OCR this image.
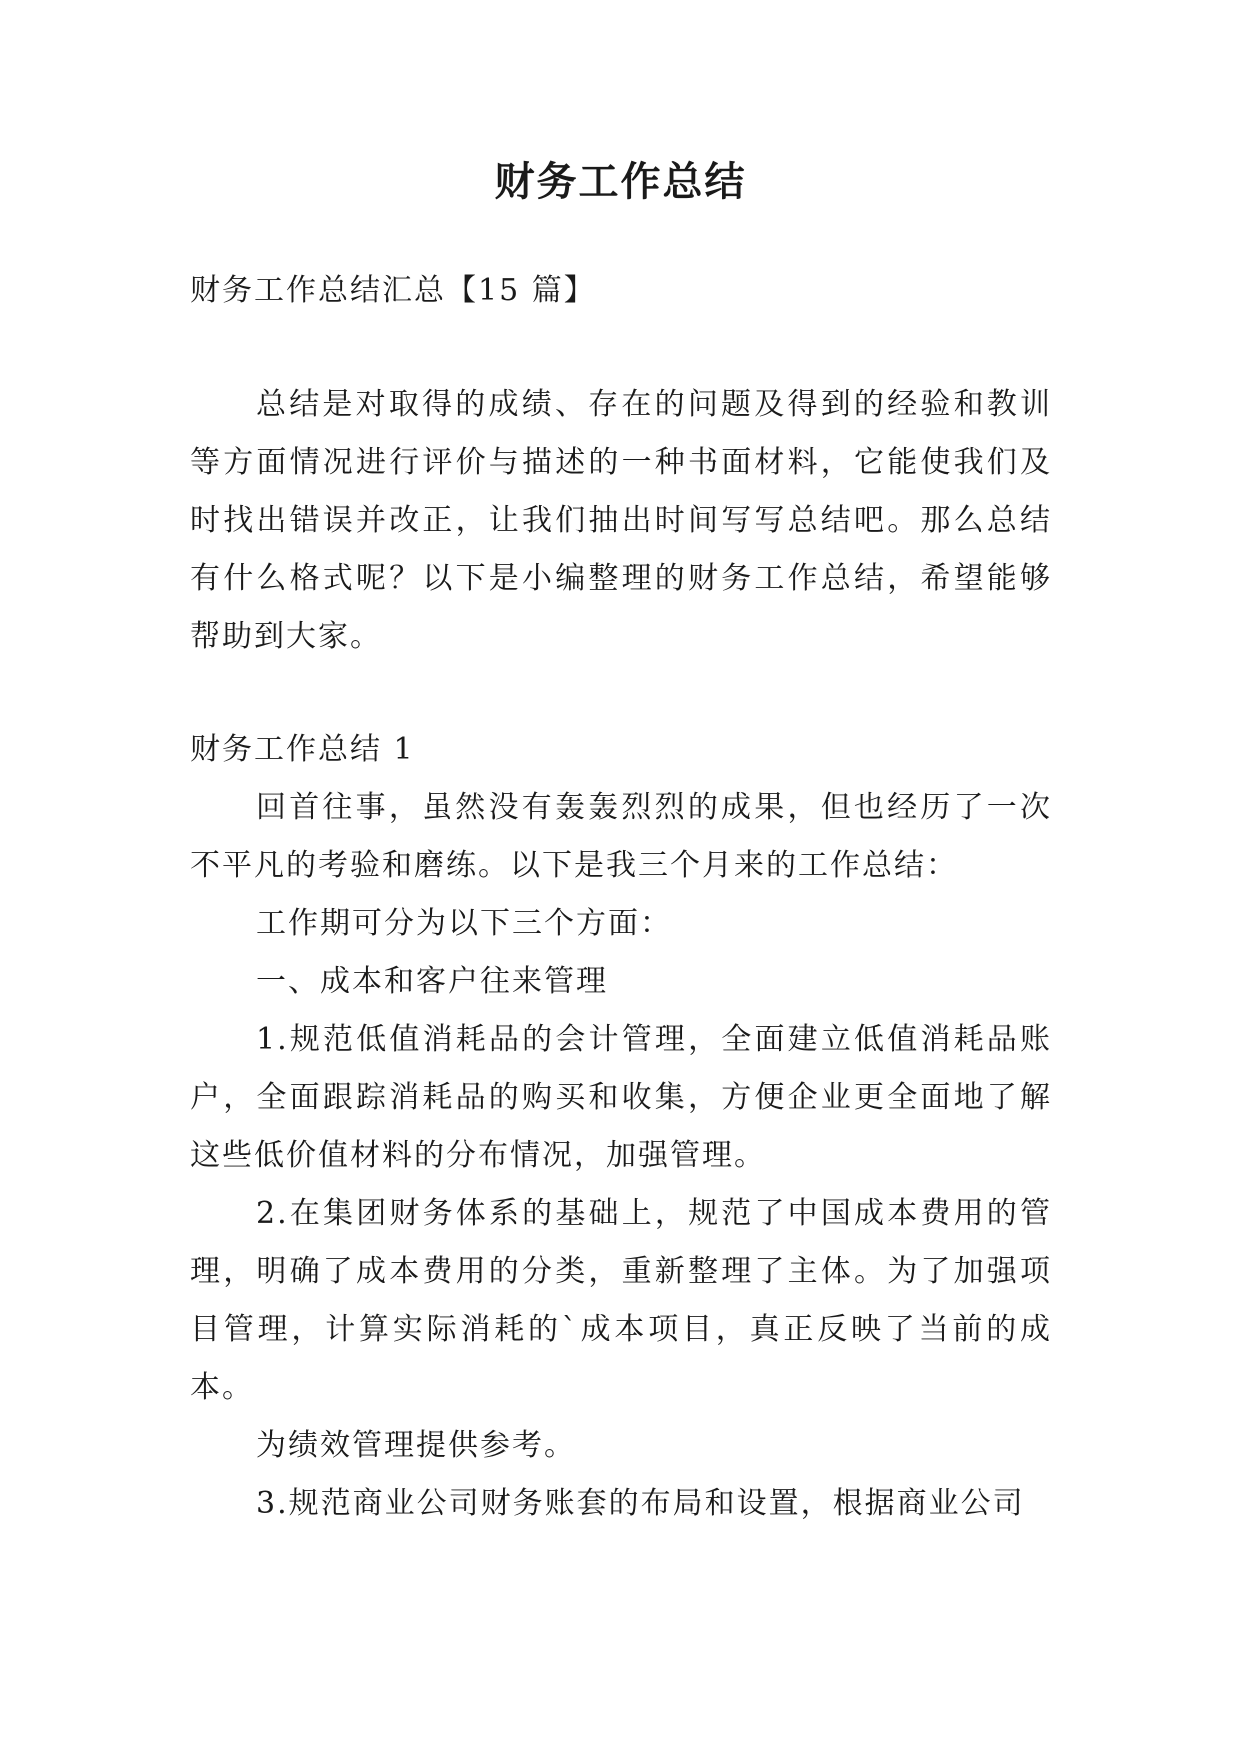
财务工作总结

财务工作总结汇总【15 篇】

总结是对取得的成绩、存在的问题及得到的经验和教训等方面情况进行评价与描述的一种书面材料，它能使我们及时找出错误并改正，让我们抽出时间写写总结吧。那么总结有什么格式呢？以下是小编整理的财务工作总结，希望能够帮助到大家。

财务工作总结 1

回首往事，虽然没有轰轰烈烈的成果，但也经历了一次不平凡的考验和磨练。以下是我三个月来的工作总结：

工作期可分为以下三个方面：

一、成本和客户往来管理

1.规范低值消耗品的会计管理，全面建立低值消耗品账户，全面跟踪消耗品的购买和收集，方便企业更全面地了解这些低价值材料的分布情况，加强管理。

2.在集团财务体系的基础上，规范了中国成本费用的管理，明确了成本费用的分类，重新整理了主体。为了加强项目管理，计算实际消耗的`成本项目，真正反映了当前的成本。

为绩效管理提供参考。

3.规范商业公司财务账套的布局和设置，根据商业公司
